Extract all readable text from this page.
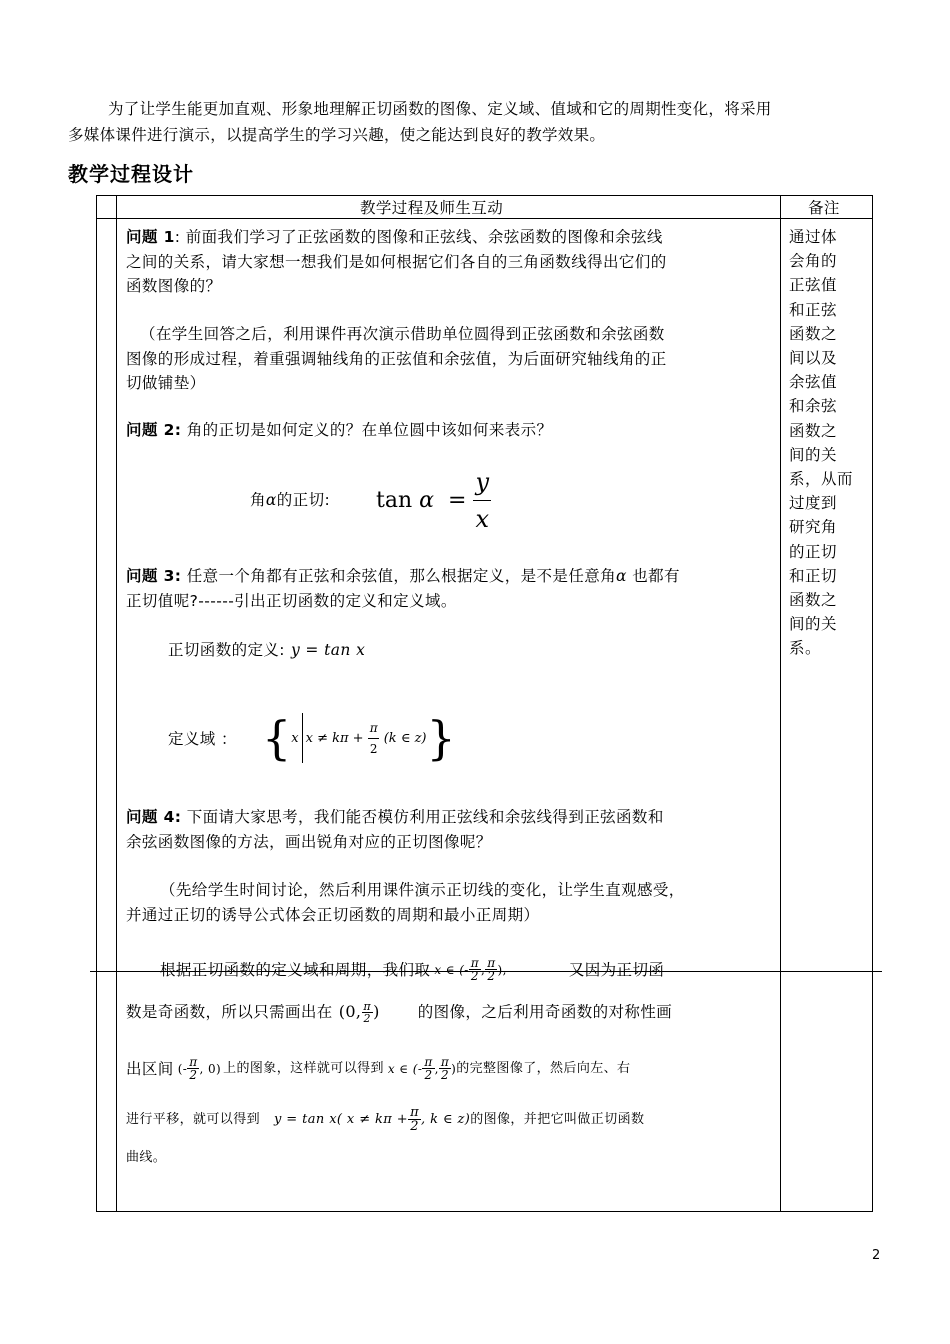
为了让学生能更加直观、形象地理解正切函数的图像、定义域、值域和它的周期性变化，将采用
多媒体课件进行演示，以提高学生的学习兴趣，使之能达到良好的教学效果。
教学过程设计
教学过程及师生互动	备注
问题 1: 前面我们学习了正弦函数的图像和正弦线、余弦函数的图像和余弦线
之间的关系，请大家想一想我们是如何根据它们各自的三角函数线得出它们的
函数图像的？
（在学生回答之后，利用课件再次演示借助单位圆得到正弦函数和余弦函数
图像的形成过程，着重强调轴线角的正弦值和余弦值，为后面研究轴线角的正
切做铺垫）
问题 2: 角的正切是如何定义的？在单位圆中该如何来表示？
角α的正切: tan
α
=
$\frac{y}{x}$
问题 3: 任意一个角都有正弦和余弦值，那么根据定义，是不是任意角α 也都有
正切值呢?------引出正切函数的定义和定义域。
正切函数的定义: y = tan x
定义域 ： { x x ≠ kπ +
$\frac{\pi}{2}$
(k ∈ z) }
问题 4: 下面请大家思考，我们能否模仿利用正弦线和余弦线得到正弦函数和
余弦函数图像的方法，画出锐角对应的正切图像呢？
（先给学生时间讨论，然后利用课件演示正切线的变化，让学生直观感受，
并通过正切的诱导公式体会正切函数的周期和最小正周期）
根据正切函数的定义域和周期，我们取 x ∈ (- $\frac{\pi}{2}$ , $\frac{\pi}{2}$ ),	又因为正切函
数是奇函数，所以只需画出在 (0, $\frac{\pi}{2}$ ) 的图像，之后利用奇函数的对称性画
出区间 (- $\frac{\pi}{2}$ , 0) 上的图象，这样就可以得到 x ∈ (- $\frac{\pi}{2}$ , $\frac{\pi}{2}$ ) 的完整图像了，然后向左、右
进行平移，就可以得到 y = tan x( $x \ne k\pi + \frac{\pi}{2}$ , k ∈ z) 的图像，并把它叫做正切函数
曲线。
通过体
会角的
正弦值
和正弦
函数之
间以及
余弦值
和余弦
函数之
间的关
系，从而
过度到
研究角
的正切
和正切
函数之
间的关
系。
2
